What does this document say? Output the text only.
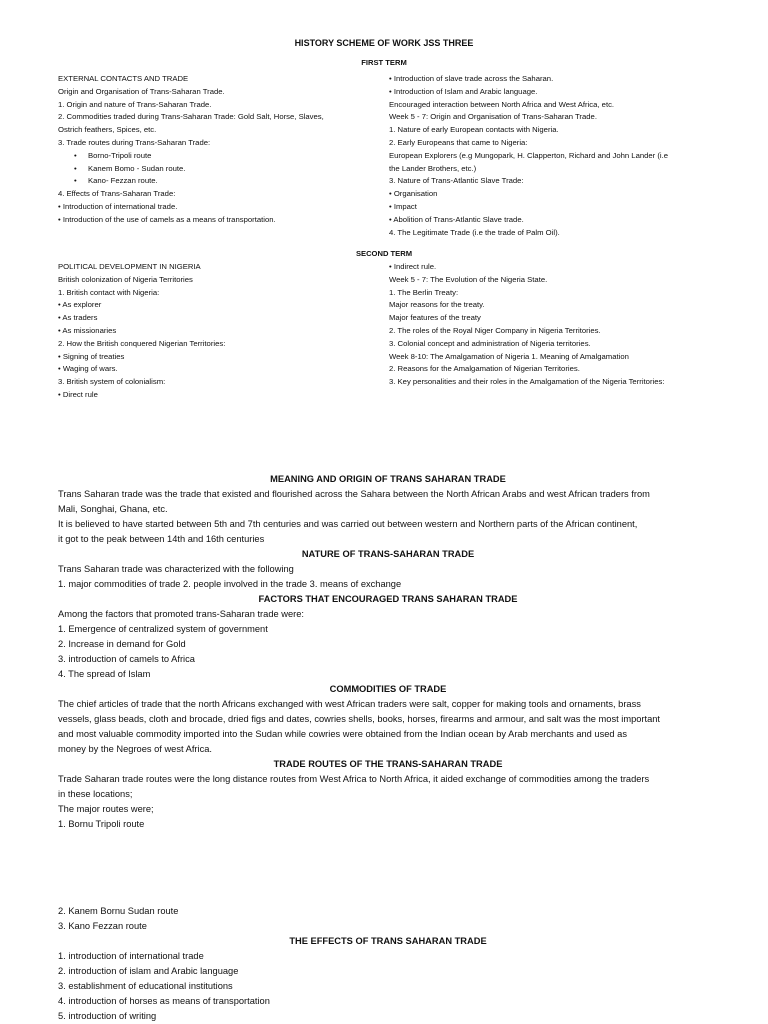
HISTORY SCHEME OF WORK JSS THREE
FIRST TERM
EXTERNAL CONTACTS AND TRADE
Origin and Organisation of Trans-Saharan Trade.
1. Origin and nature of Trans-Saharan Trade.
2. Commodities traded during Trans-Saharan Trade: Gold Salt, Horse, Slaves,
Ostrich feathers, Spices, etc.
3. Trade routes during Trans-Saharan Trade:
• Borno-Tripoli route
• Kanem Bomo - Sudan route.
• Kano- Fezzan route.
4. Effects of Trans-Saharan Trade:
• Introduction of international trade.
• Introduction of the use of camels as a means of transportation.
• Introduction of slave trade across the Saharan.
• Introduction of Islam and Arabic language.
Encouraged interaction between North Africa and West Africa, etc.
Week 5 - 7: Origin and Organisation of Trans-Saharan Trade.
1. Nature of early European contacts with Nigeria.
2. Early Europeans that came to Nigeria:
European Explorers (e.g Mungopark, H. Clapperton, Richard and John Lander (i.e
the Lander Brothers, etc.)
3. Nature of Trans-Atlantic Slave Trade:
• Organisation
• Impact
• Abolition of Trans-Atlantic Slave trade.
4. The Legitimate Trade (i.e the trade of Palm Oil).
SECOND TERM
POLITICAL DEVELOPMENT IN NIGERIA
British colonization of Nigeria Territories
1. British contact with Nigeria:
• As explorer
• As traders
• As missionaries
2. How the British conquered Nigerian Territories:
• Signing of treaties
• Waging of wars.
3. British system of colonialism:
• Direct rule
• Indirect rule.
Week 5 - 7: The Evolution of the Nigeria State.
1. The Berlin Treaty:
Major reasons for the treaty.
Major features of the treaty
2. The roles of the Royal Niger Company in Nigeria Territories.
3. Colonial concept and administration of Nigeria territories.
Week 8-10: The Amalgamation of Nigeria 1. Meaning of Amalgamation
2. Reasons for the Amalgamation of Nigerian Territories.
3. Key personalities and their roles in the Amalgamation of the Nigeria Territories:
MEANING AND ORIGIN OF TRANS SAHARAN TRADE
Trans Saharan trade was the trade that existed and flourished across the Sahara between the North African Arabs and west African traders from
Mali, Songhai, Ghana, etc.
It is believed to have started between 5th and 7th centuries and was carried out between western and Northern parts of the African continent,
it got to the peak between 14th and 16th centuries
NATURE OF TRANS-SAHARAN TRADE
Trans Saharan trade was characterized with the following
1. major commodities of trade 2. people involved in the trade 3. means of exchange
FACTORS THAT ENCOURAGED TRANS SAHARAN TRADE
Among the factors that promoted trans-Saharan trade were:
1. Emergence of centralized system of government
2. Increase in demand for Gold
3. introduction of camels to Africa
4. The spread of Islam
COMMODITIES OF TRADE
The chief articles of trade that the north Africans exchanged with west African traders were salt, copper for making tools and ornaments, brass
vessels, glass beads, cloth and brocade, dried figs and dates, cowries shells, books, horses, firearms and armour, and salt was the most important
and most valuable commodity imported into the Sudan while cowries were obtained from the Indian ocean by Arab merchants and used as
money by the Negroes of west Africa.
TRADE ROUTES OF THE TRANS-SAHARAN TRADE
Trade Saharan trade routes were the long distance routes from West Africa to North Africa, it aided exchange of commodities among the traders
in these locations;
The major routes were;
1. Bornu Tripoli route
2. Kanem Bornu Sudan route
3. Kano Fezzan route
THE EFFECTS OF TRANS SAHARAN TRADE
1. introduction of international trade
2. introduction of islam and Arabic language
3. establishment of educational institutions
4. introduction of horses as means of transportation
5. introduction of writing
